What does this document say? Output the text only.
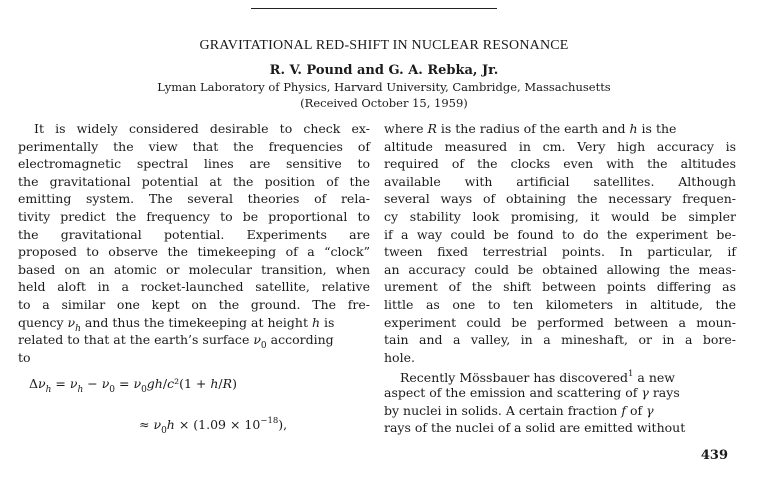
GRAVITATIONAL RED-SHIFT IN NUCLEAR RESONANCE
R. V. Pound and G. A. Rebka, Jr.
Lyman Laboratory of Physics, Harvard University, Cambridge, Massachusetts
(Received October 15, 1959)
It is widely considered desirable to check ex-
perimentally the view that the frequencies of
electromagnetic spectral lines are sensitive to
the gravitational potential at the position of the
emitting system. The several theories of rela-
tivity predict the frequency to be proportional to
the gravitational potential. Experiments are
proposed to observe the timekeeping of a “clock”
based on an atomic or molecular transition, when
held aloft in a rocket-launched satellite, relative
to a similar one kept on the ground. The fre-
quency $\nu_h$ and thus the timekeeping at height h is
related to that at the earth’s surface $\nu_0$ according
to
$\Delta\nu_h = \nu_h - \nu_0 = \nu_0gh/c^2(1 + h/R)$
≈ $\nu_0h \times (1.09 \times 10^{-18})$,
where R is the radius of the earth and h is the
altitude measured in cm. Very high accuracy is
required of the clocks even with the altitudes
available with artificial satellites. Although
several ways of obtaining the necessary frequen-
cy stability look promising, it would be simpler
if a way could be found to do the experiment be-
tween fixed terrestrial points. In particular, if
an accuracy could be obtained allowing the meas-
urement of the shift between points differing as
little as one to ten kilometers in altitude, the
experiment could be performed between a moun-
tain and a valley, in a mineshaft, or in a bore-
hole.
Recently Mössbauer has discovered$^1$ a new
aspect of the emission and scattering of γ rays
by nuclei in solids. A certain fraction f of γ
rays of the nuclei of a solid are emitted without
439
